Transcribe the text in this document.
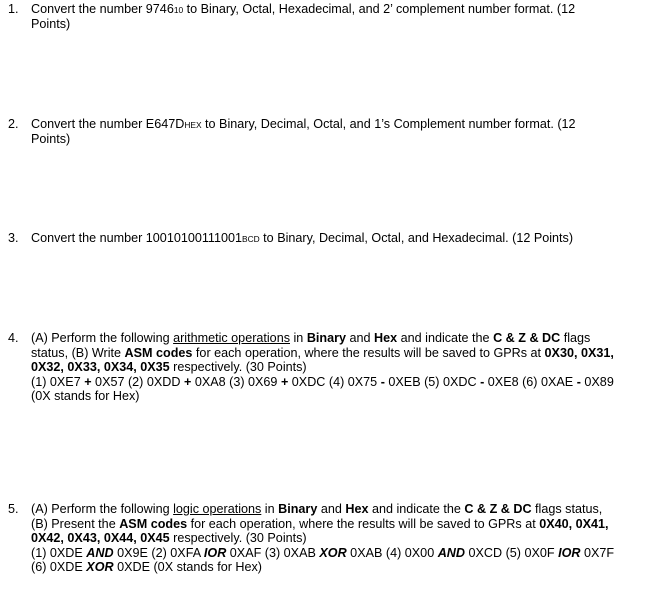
1. Convert the number 974610 to Binary, Octal, Hexadecimal, and 2’ complement number format. (12
Points)
2. Convert the number E647DHEX to Binary, Decimal, Octal, and 1’s Complement number format. (12
Points)
3. Convert the number 10010100111001BCD to Binary, Decimal, Octal, and Hexadecimal. (12 Points)
4. (A) Perform the following arithmetic operations in Binary and Hex and indicate the C & Z & DC flags
status, (B) Write ASM codes for each operation, where the results will be saved to GPRs at 0X30, 0X31,
0X32, 0X33, 0X34, 0X35 respectively. (30 Points)
(1) 0XE7 + 0X57 (2) 0XDD + 0XA8 (3) 0X69 + 0XDC (4) 0X75 - 0XEB (5) 0XDC - 0XE8 (6) 0XAE - 0X89
(0X stands for Hex)
5. (A) Perform the following logic operations in Binary and Hex and indicate the C & Z & DC flags status,
(B) Present the ASM codes for each operation, where the results will be saved to GPRs at 0X40, 0X41,
0X42, 0X43, 0X44, 0X45 respectively. (30 Points)
(1) 0XDE AND 0X9E (2) 0XFA IOR 0XAF (3) 0XAB XOR 0XAB (4) 0X00 AND 0XCD (5) 0X0F IOR 0X7F
(6) 0XDE XOR 0XDE (0X stands for Hex)
